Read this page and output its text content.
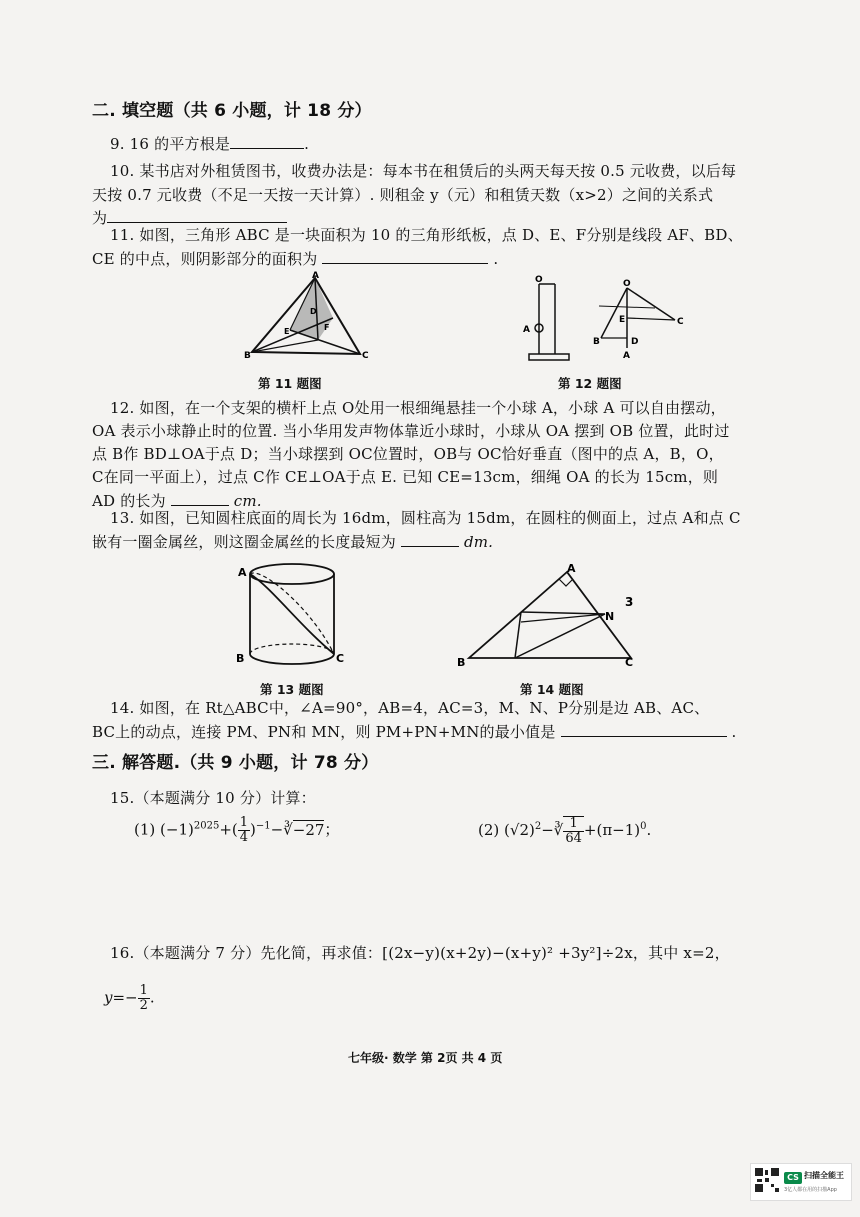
二. 填空题（共 6 小题，计 18 分）
9. 16 的平方根是	.
10. 某书店对外租赁图书，收费办法是：每本书在租赁后的头两天每天按 0.5 元收费，以后每
天按 0.7 元收费（不足一天按一天计算）. 则租金 y（元）和租赁天数（x>2）之间的关系式
为
11. 如图，三角形 ABC 是一块面积为 10 的三角形纸板，点 D、E、F分别是线段 AF、BD、
CE 的中点，则阴影部分的面积为	.
A
B	C
D
E	F
第 11 题图
O
A
O
B
C
D
E
A
第 12 题图
12. 如图，在一个支架的横杆上点 O处用一根细绳悬挂一个小球 A，小球 A 可以自由摆动，
OA 表示小球静止时的位置. 当小华用发声物体靠近小球时，小球从 OA 摆到 OB 位置，此时过
点 B作 BD⊥OA于点 D；当小球摆到 OC位置时，OB与 OC恰好垂直（图中的点 A，B，O，
C在同一平面上），过点 C作 CE⊥OA于点 E. 已知 CE=13cm，细绳 OA 的长为 15cm，则
AD 的长为	cm.
13. 如图，已知圆柱底面的周长为 16dm，圆柱高为 15dm，在圆柱的侧面上，过点 A和点 C
嵌有一圈金属丝，则这圈金属丝的长度最短为	dm.
A
B	C
第 13 题图
A
B	C
N
3
第 14 题图
14. 如图，在 Rt△ABC中，∠A=90°，AB=4，AC=3，M、N、P分别是边 AB、AC、
BC上的动点，连接 PM、PN和 MN，则 PM+PN+MN的最小值是	.
三. 解答题.（共 9 小题，计 78 分）
15.（本题满分 10 分）计算：
(1) $(-1)^{2025}+( \frac{1}{4}$ )$^{-1}-∛-27$；	(2) $(√2)^2-∛ \frac{1}{64} +(\pi-1)^0$.
16.（本题满分 7 分）先化简，再求值：[(2x−y)(x+2y)−(x+y)² +3y²]÷2x，其中 x=2，
$y=- \frac{1}{2}$ .
七年级· 数学 第 2页 共 4 页
CS 扫描全能王
3亿人都在用的扫描App
